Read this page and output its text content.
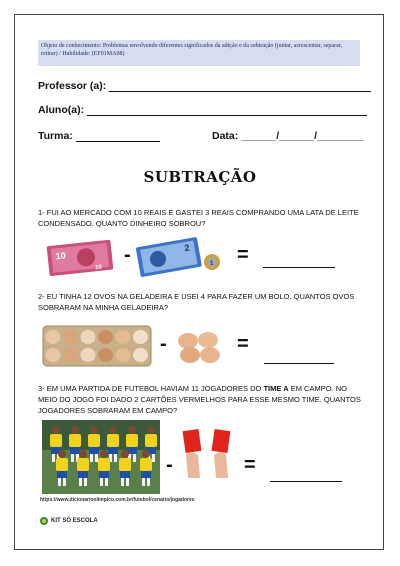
Objeto de conhecimento: Problemas envolvendo diferentes significados da adição e da subtração (juntar, acrescentar, separar, retirar) / Habilidade: (EF01MA08)
Professor (a):
Aluno(a):
Turma:	Data: ______/______/________
SUBTRAÇÃO
1- FUI AO MERCADO COM 10 REAIS E GASTEI 3 REAIS COMPRANDO UMA LATA DE LEITE CONDENSADO. QUANTO DINHEIRO SOBROU?
10
10
2
1
-	=
2- EU TINHA 12 OVOS NA GELADEIRA E USEI 4 PARA FAZER UM BOLO. QUANTOS OVOS SOBRARAM NA MINHA GELADEIRA?
-	=
3- EM UMA PARTIDA DE FUTEBOL HAVIAM 11 JOGADORES DO TIME A EM CAMPO. NO MEIO DO JOGO FOI DADO 2 CARTÕES VERMELHOS PARA ESSE MESMO TIME. QUANTOS JOGADORES SOBRARAM EM CAMPO?
-	=
https://www.dicionarioolimpico.com.br/futebol/cenario/jogadores
KIT SÓ ESCOLA
